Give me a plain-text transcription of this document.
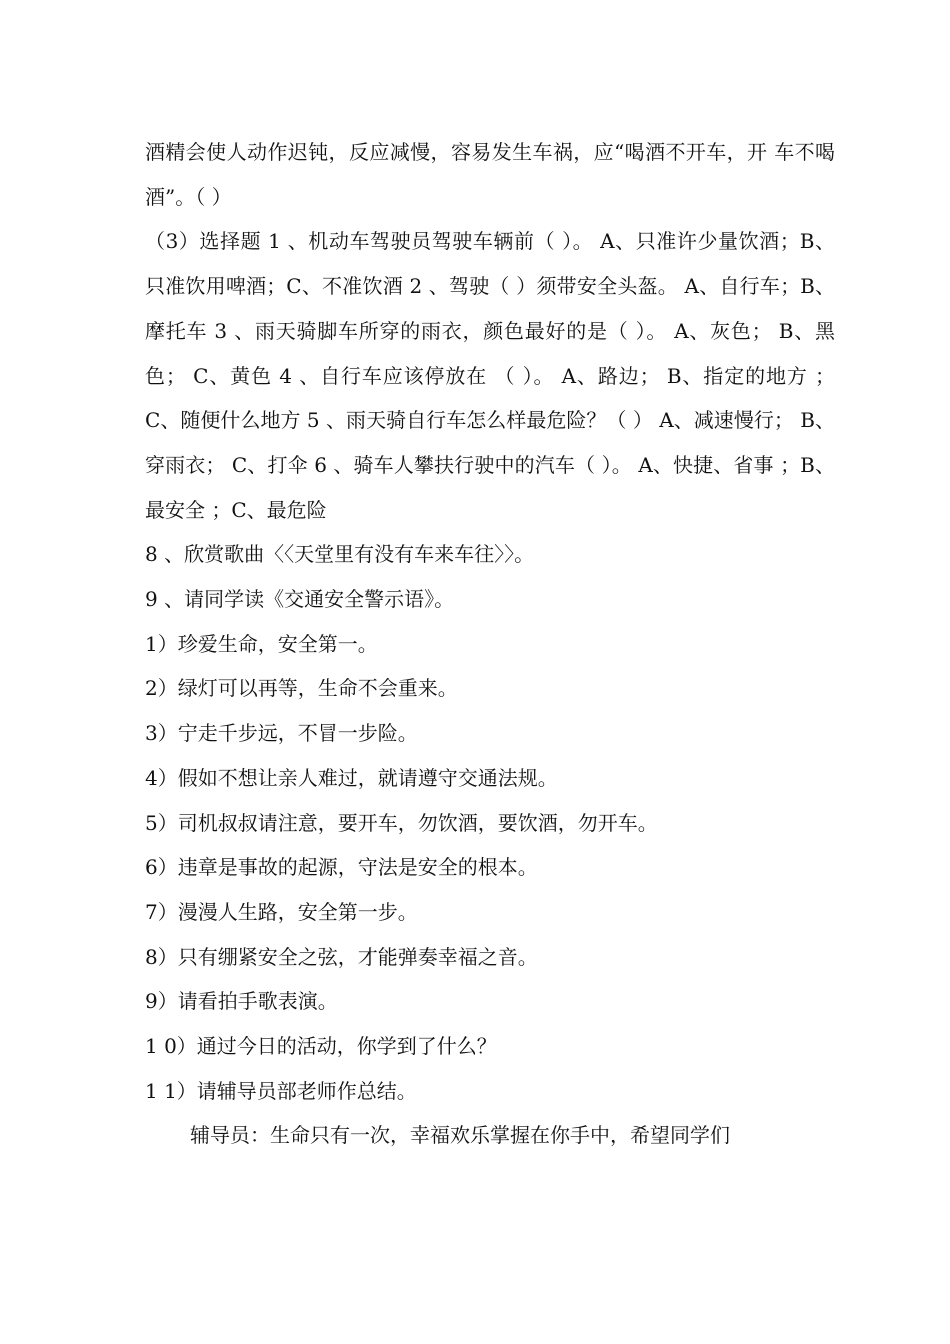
酒精会使人动作迟钝，反应减慢，容易发生车祸，应“喝酒不开车，开 车不喝酒”。（ ）

（3）选择题 1 、机动车驾驶员驾驶车辆前（ ）。 A、只准许少量饮酒；B、只准饮用啤酒；C、不准饮酒 2 、驾驶（ ）须带安全头盔。 A、自行车；B、摩托车 3 、雨天骑脚车所穿的雨衣，颜色最好的是（ ）。 A、灰色； B、黑色； C、黄色 4 、自行车应该停放在 （ ）。 A、路边； B、指定的地方 ；C、随便什么地方 5 、雨天骑自行车怎么样最危险？（ ） A、减速慢行； B、穿雨衣； C、打伞 6 、骑车人攀扶行驶中的汽车（ ）。 A、快捷、省事 ；B、最安全 ；C、最危险

8 、欣赏歌曲〈〈天堂里有没有车来车往〉〉。

9 、请同学读《交通安全警示语》。

1）珍爱生命，安全第一。

2）绿灯可以再等，生命不会重来。

3）宁走千步远，不冒一步险。

4）假如不想让亲人难过，就请遵守交通法规。

5）司机叔叔请注意，要开车，勿饮酒，要饮酒，勿开车。

6）违章是事故的起源，守法是安全的根本。

7）漫漫人生路，安全第一步。

8）只有绷紧安全之弦，才能弹奏幸福之音。

9）请看拍手歌表演。

1 0）通过今日的活动，你学到了什么？

1 1）请辅导员部老师作总结。

辅导员：生命只有一次，幸福欢乐掌握在你手中，希望同学们
